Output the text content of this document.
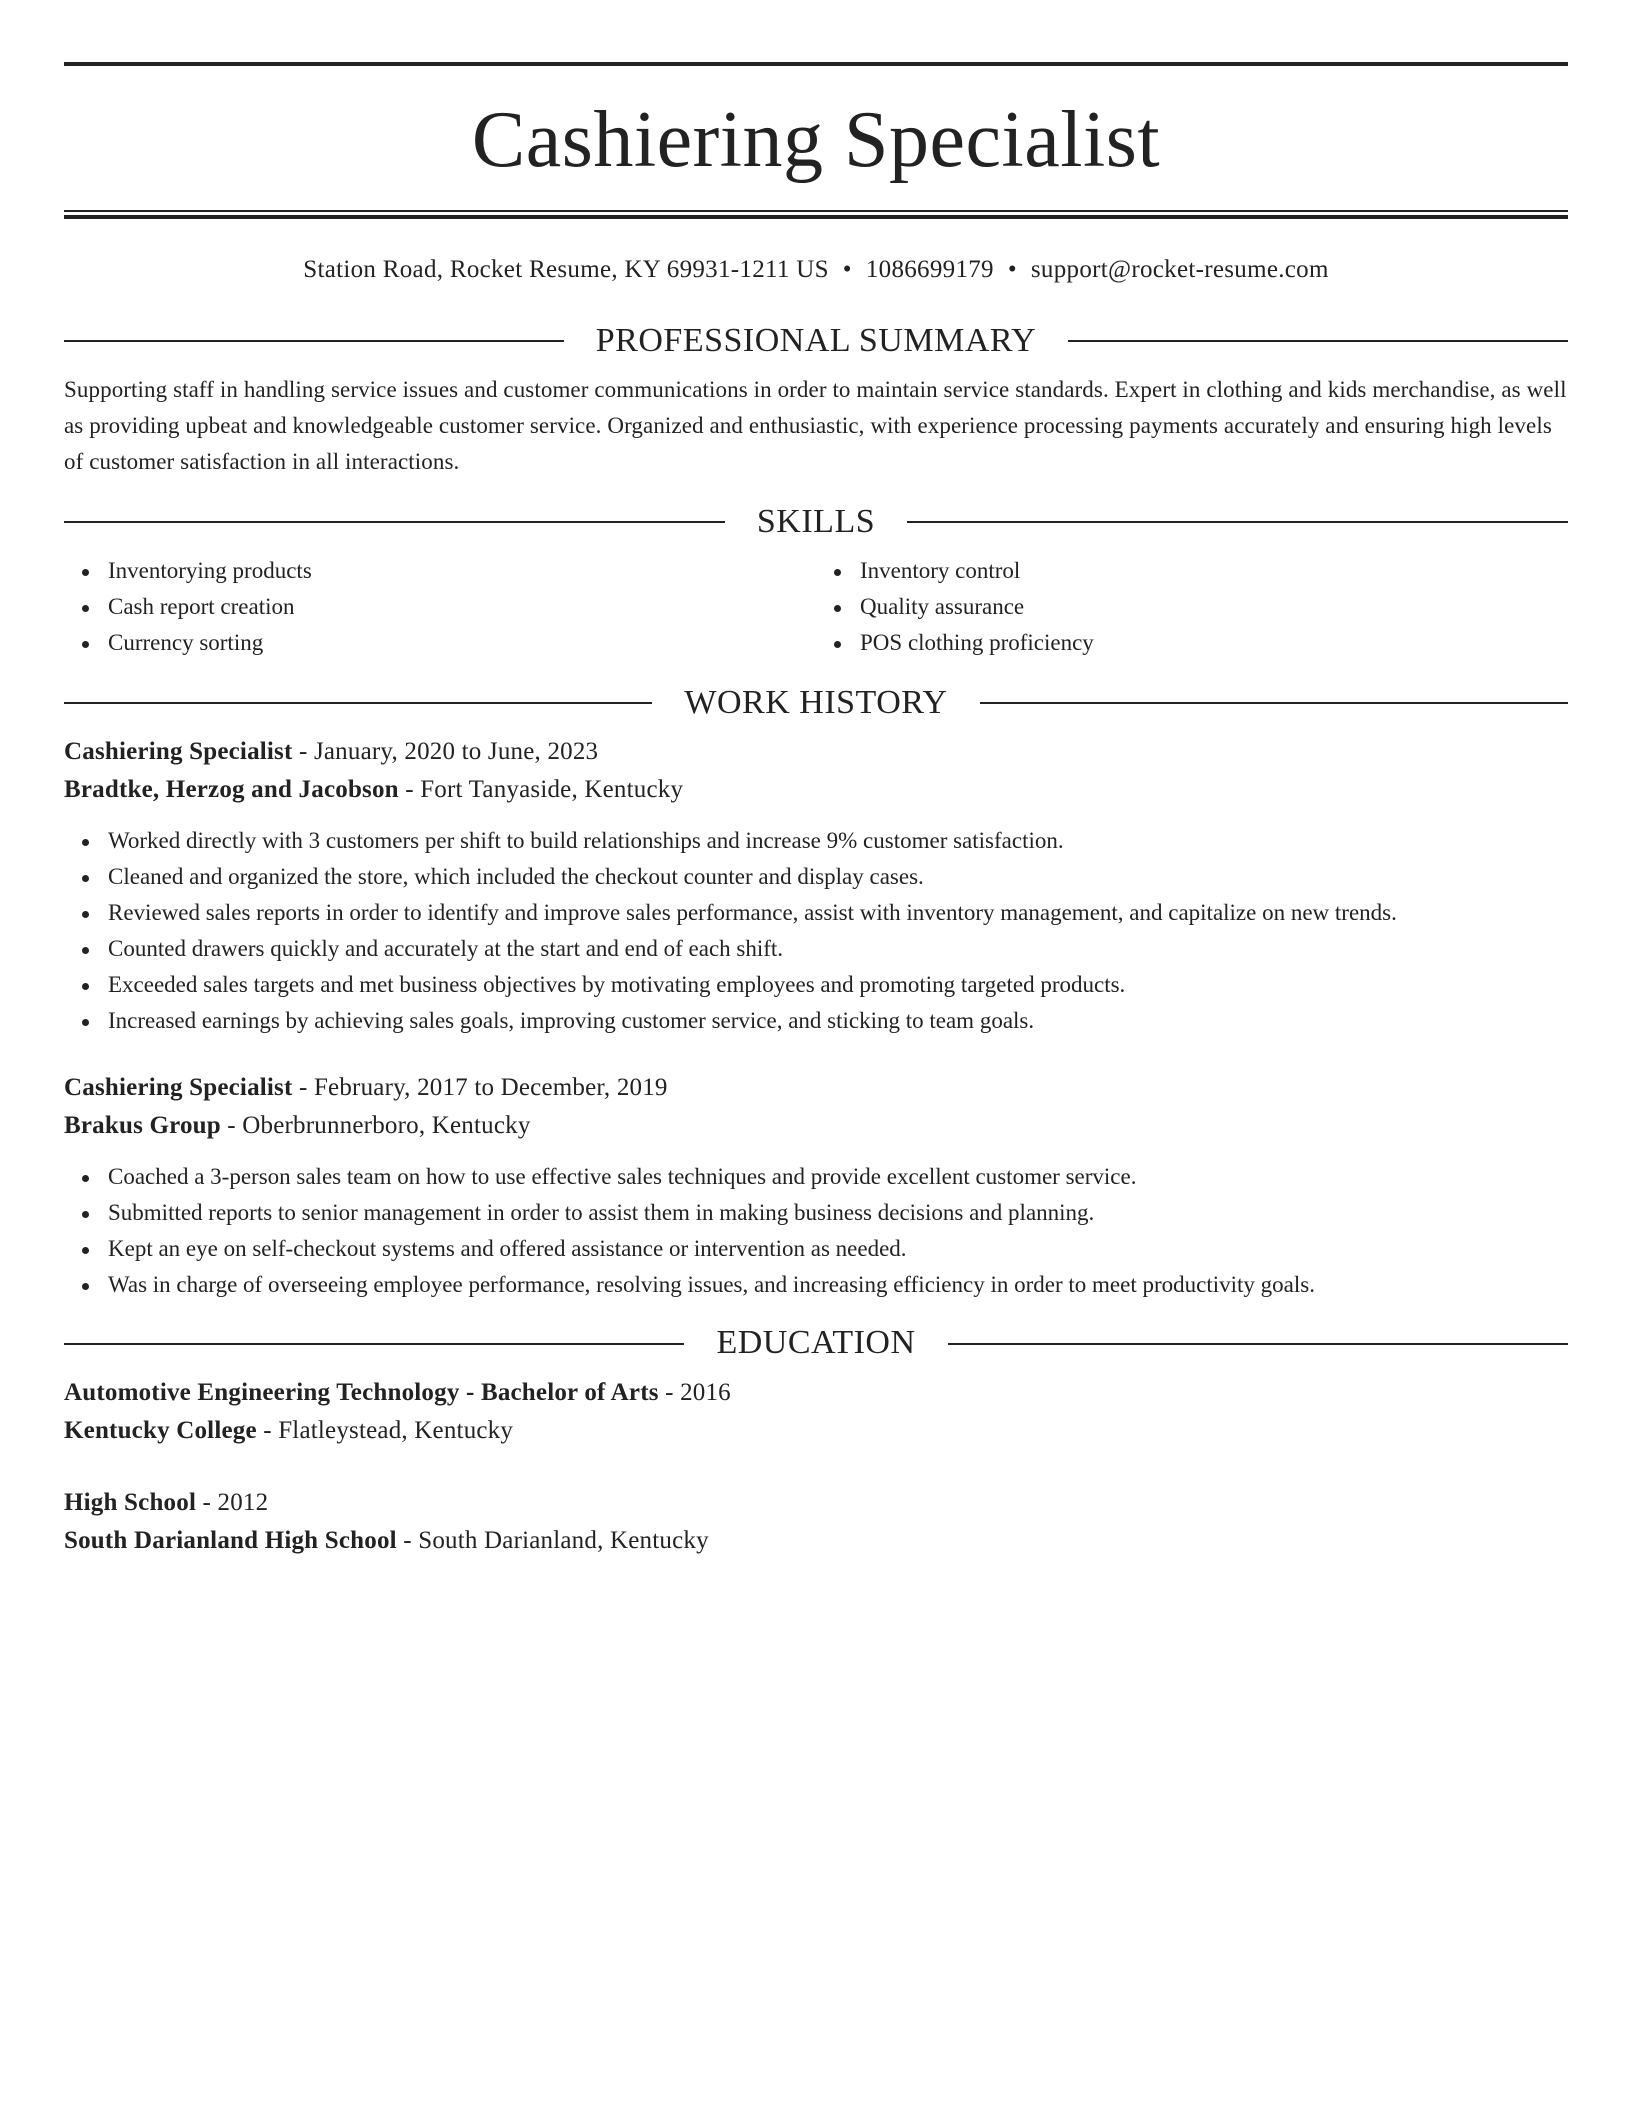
Cashiering Specialist
Station Road, Rocket Resume, KY 69931-1211 US • 1086699179 • support@rocket-resume.com
PROFESSIONAL SUMMARY

Supporting staff in handling service issues and customer communications in order to maintain service standards. Expert in clothing and kids merchandise, as well as providing upbeat and knowledgeable customer service. Organized and enthusiastic, with experience processing payments accurately and ensuring high levels of customer satisfaction in all interactions.

SKILLS
Inventorying products
Cash report creation
Currency sorting
Inventory control
Quality assurance
POS clothing proficiency
WORK HISTORY
Cashiering Specialist - January, 2020 to June, 2023
Bradtke, Herzog and Jacobson - Fort Tanyaside, Kentucky
Worked directly with 3 customers per shift to build relationships and increase 9% customer satisfaction.
Cleaned and organized the store, which included the checkout counter and display cases.
Reviewed sales reports in order to identify and improve sales performance, assist with inventory management, and capitalize on new trends.
Counted drawers quickly and accurately at the start and end of each shift.
Exceeded sales targets and met business objectives by motivating employees and promoting targeted products.
Increased earnings by achieving sales goals, improving customer service, and sticking to team goals.
Cashiering Specialist - February, 2017 to December, 2019
Brakus Group - Oberbrunnerboro, Kentucky
Coached a 3-person sales team on how to use effective sales techniques and provide excellent customer service.
Submitted reports to senior management in order to assist them in making business decisions and planning.
Kept an eye on self-checkout systems and offered assistance or intervention as needed.
Was in charge of overseeing employee performance, resolving issues, and increasing efficiency in order to meet productivity goals.
EDUCATION
Automotive Engineering Technology - Bachelor of Arts - 2016
Kentucky College - Flatleystead, Kentucky
High School - 2012
South Darianland High School - South Darianland, Kentucky
